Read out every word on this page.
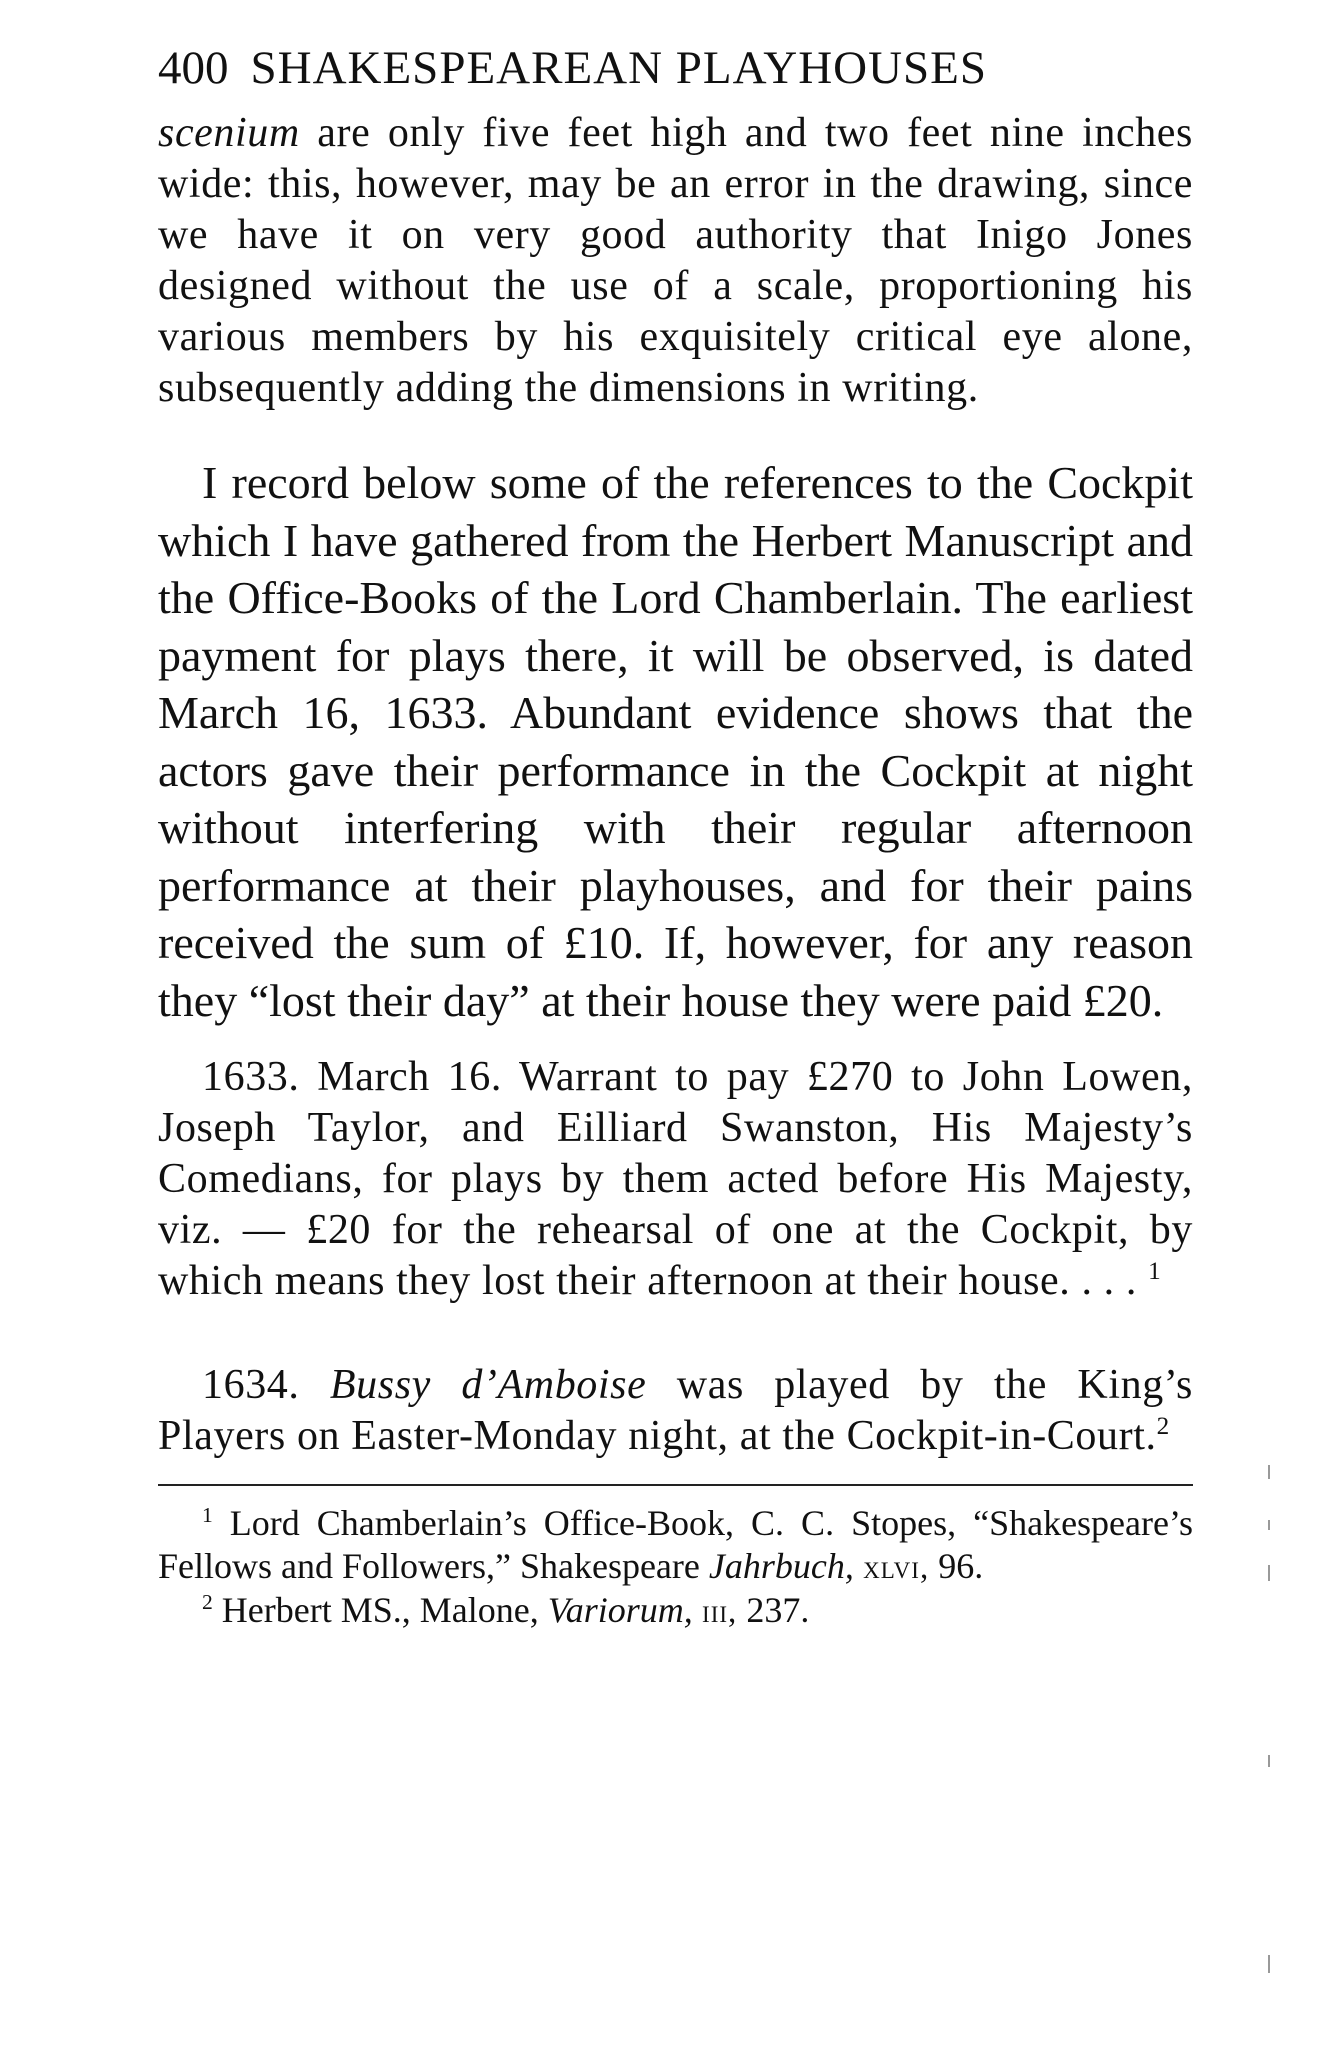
400 SHAKESPEAREAN PLAYHOUSES

scenium are only five feet high and two feet nine inches wide: this, however, may be an error in the drawing, since we have it on very good authority that Inigo Jones designed without the use of a scale, proportioning his various members by his exquisitely critical eye alone, subsequently adding the dimensions in writing.

I record below some of the references to the Cockpit which I have gathered from the Herbert Manuscript and the Office-Books of the Lord Chamberlain. The earliest payment for plays there, it will be observed, is dated March 16, 1633. Abundant evidence shows that the actors gave their performance in the Cockpit at night without interfering with their regular afternoon performance at their playhouses, and for their pains received the sum of £10. If, however, for any reason they “lost their day” at their house they were paid £20.

1633. March 16. Warrant to pay £270 to John Lowen, Joseph Taylor, and Eilliard Swanston, His Majesty’s Comedians, for plays by them acted before His Majesty, viz. — £20 for the rehearsal of one at the Cockpit, by which means they lost their afternoon at their house. . . . $^1$

1634. Bussy d’Amboise was played by the King’s Players on Easter-Monday night, at the Cockpit-in-Court.$^2$

$^1$ Lord Chamberlain’s Office-Book, C. C. Stopes, “Shakespeare’s Fellows and Followers,” Shakespeare Jahrbuch, xlvi, 96.

$^2$ Herbert MS., Malone, Variorum, iii, 237.
